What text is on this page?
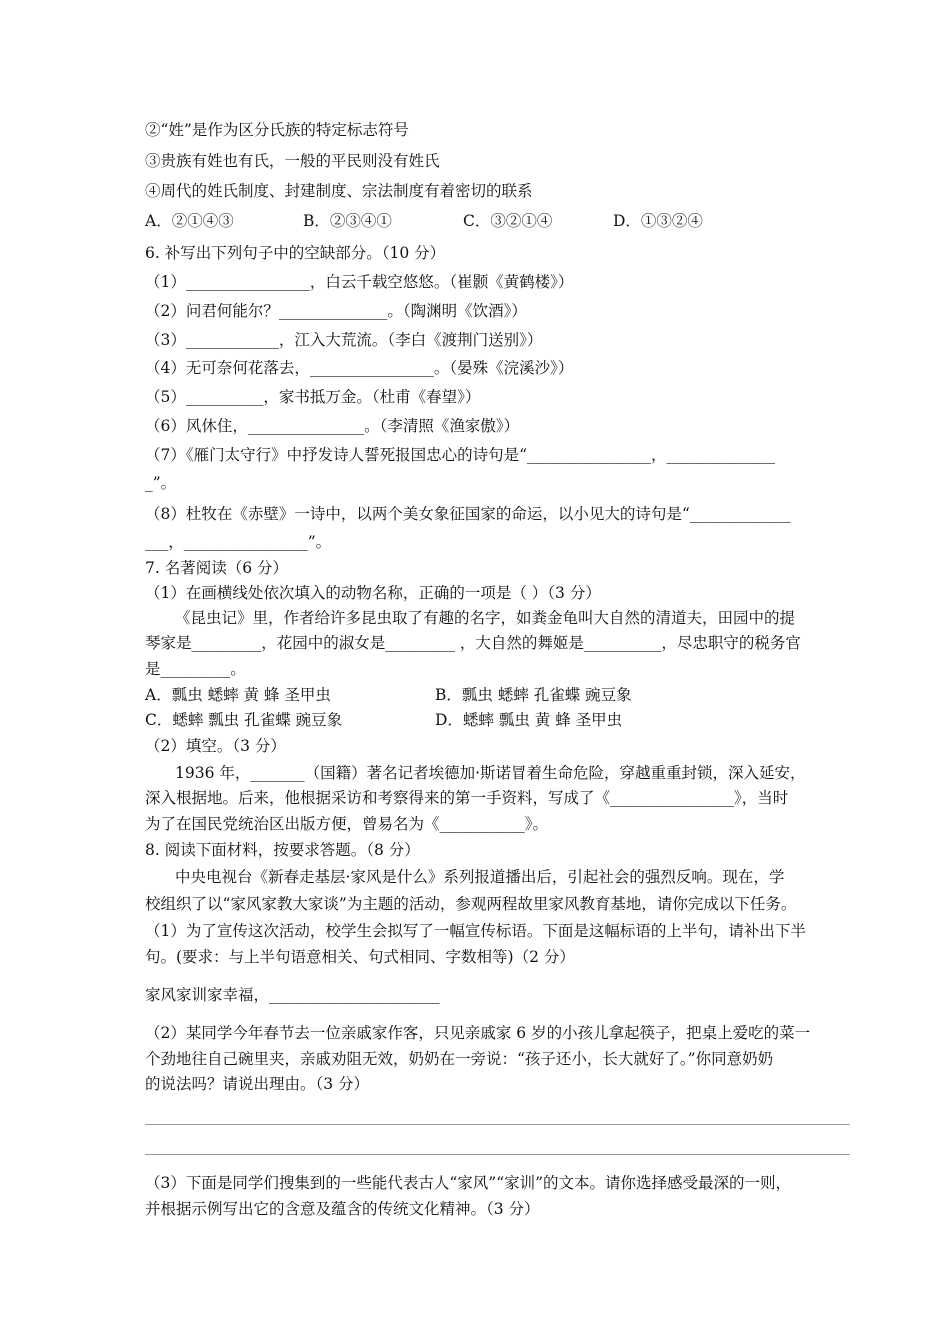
②“姓”是作为区分氏族的特定标志符号
③贵族有姓也有氏，一般的平民则没有姓氏
④周代的姓氏制度、封建制度、宗法制度有着密切的联系
A．②①④③	B．②③④①	C．③②①④	D．①③②④
6. 补写出下列句子中的空缺部分。（10 分）
（1）________________，白云千载空悠悠。（崔颢《黄鹤楼》）
（2）问君何能尔？______________。（陶渊明《饮酒》）
（3）____________，江入大荒流。（李白《渡荆门送别》）
（4）无可奈何花落去，________________。（晏殊《浣溪沙》）
（5）__________，家书抵万金。（杜甫《春望》）
（6）风休住，_______________。（李清照《渔家傲》）
（7）《雁门太守行》中抒发诗人誓死报国忠心的诗句是“________________，______________
_”。
（8）杜牧在《赤壁》一诗中，以两个美女象征国家的命运，以小见大的诗句是“_____________
___，________________”。
7. 名著阅读（6 分）
（1）在画横线处依次填入的动物名称，正确的一项是（ ）（3 分）
《昆虫记》里，作者给许多昆虫取了有趣的名字，如粪金龟叫大自然的清道夫，田园中的提
琴家是_________，花园中的淑女是_________ ，大自然的舞姬是__________，尽忠职守的税务官
是_________。
A．瓢虫 蟋蟀 黄 蜂 圣甲虫	B．瓢虫 蟋蟀 孔雀蝶 豌豆象
C．蟋蟀 瓢虫 孔雀蝶 豌豆象	D．蟋蟀 瓢虫 黄 蜂 圣甲虫
（2）填空。（3 分）
1936 年，_______（国籍）著名记者埃德加·斯诺冒着生命危险，穿越重重封锁，深入延安，
深入根据地。后来，他根据采访和考察得来的第一手资料，写成了《________________》，当时
为了在国民党统治区出版方便，曾易名为《___________》。
8. 阅读下面材料，按要求答题。（8 分）
中央电视台《新春走基层·家风是什么》系列报道播出后，引起社会的强烈反响。现在，学
校组织了以“家风家教大家谈”为主题的活动，参观两程故里家风教育基地，请你完成以下任务。
（1）为了宣传这次活动，校学生会拟写了一幅宣传标语。下面是这幅标语的上半句，请补出下半
句。(要求：与上半句语意相关、句式相同、字数相等)（2 分）
家风家训家幸福，______________________
（2）某同学今年春节去一位亲戚家作客，只见亲戚家 6 岁的小孩儿拿起筷子，把桌上爱吃的菜一
个劲地往自己碗里夹，亲戚劝阻无效，奶奶在一旁说：“孩子还小，长大就好了。”你同意奶奶
的说法吗？请说出理由。（3 分）
（3）下面是同学们搜集到的一些能代表古人“家风”“家训”的文本。请你选择感受最深的一则，
并根据示例写出它的含意及蕴含的传统文化精神。（3 分）
